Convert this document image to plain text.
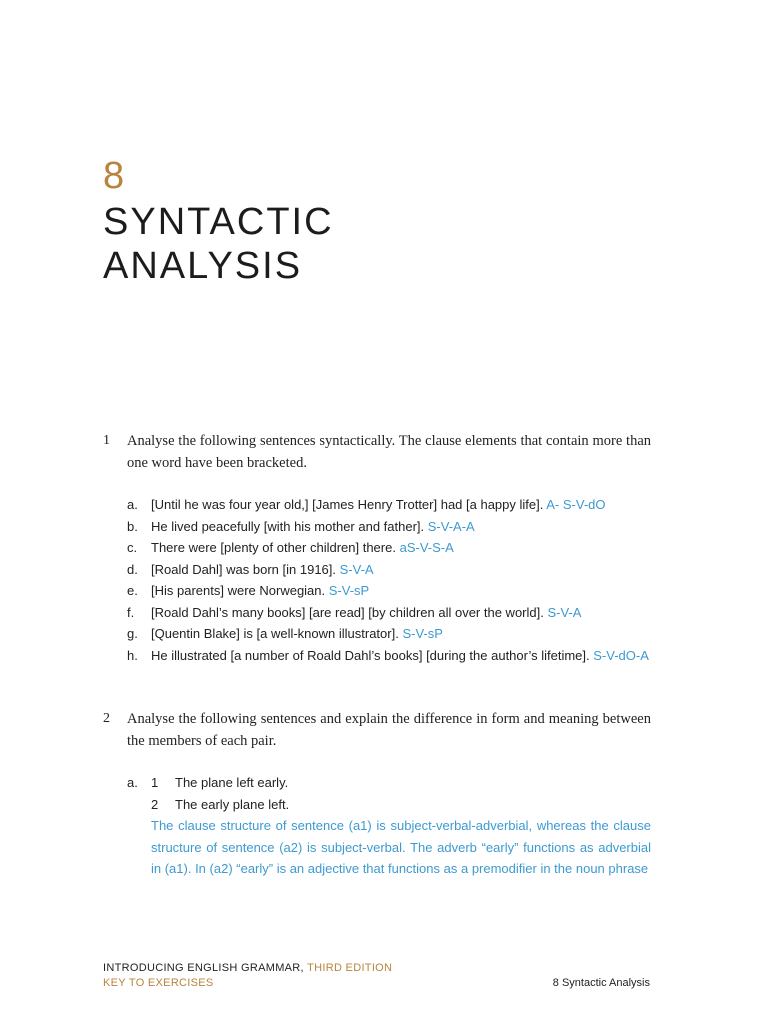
8
SYNTACTIC
ANALYSIS
1	Analyse the following sentences syntactically. The clause elements that contain more than one word have been bracketed.
a.	[Until he was four year old,] [James Henry Trotter] had [a happy life]. A- S-V-dO
b.	He lived peacefully [with his mother and father]. S-V-A-A
c.	There were [plenty of other children] there. aS-V-S-A
d.	[Roald Dahl] was born [in 1916]. S-V-A
e.	[His parents] were Norwegian. S-V-sP
f.	[Roald Dahl’s many books] [are read] [by children all over the world]. S-V-A
g.	[Quentin Blake] is [a well-known illustrator]. S-V-sP
h.	He illustrated [a number of Roald Dahl’s books] [during the author’s lifetime]. S-V-dO-A
2	Analyse the following sentences and explain the difference in form and meaning between the members of each pair.
a.	1	The plane left early.
2	The early plane left.
The clause structure of sentence (a1) is subject-verbal-adverbial, whereas the clause structure of sentence (a2) is subject-verbal. The adverb “early” functions as adverbial in (a1). In (a2) “early” is an adjective that functions as a premodifier in the noun phrase
INTRODUCING ENGLISH GRAMMAR, THIRD EDITION
KEY TO EXERCISES	8 Syntactic Analysis
